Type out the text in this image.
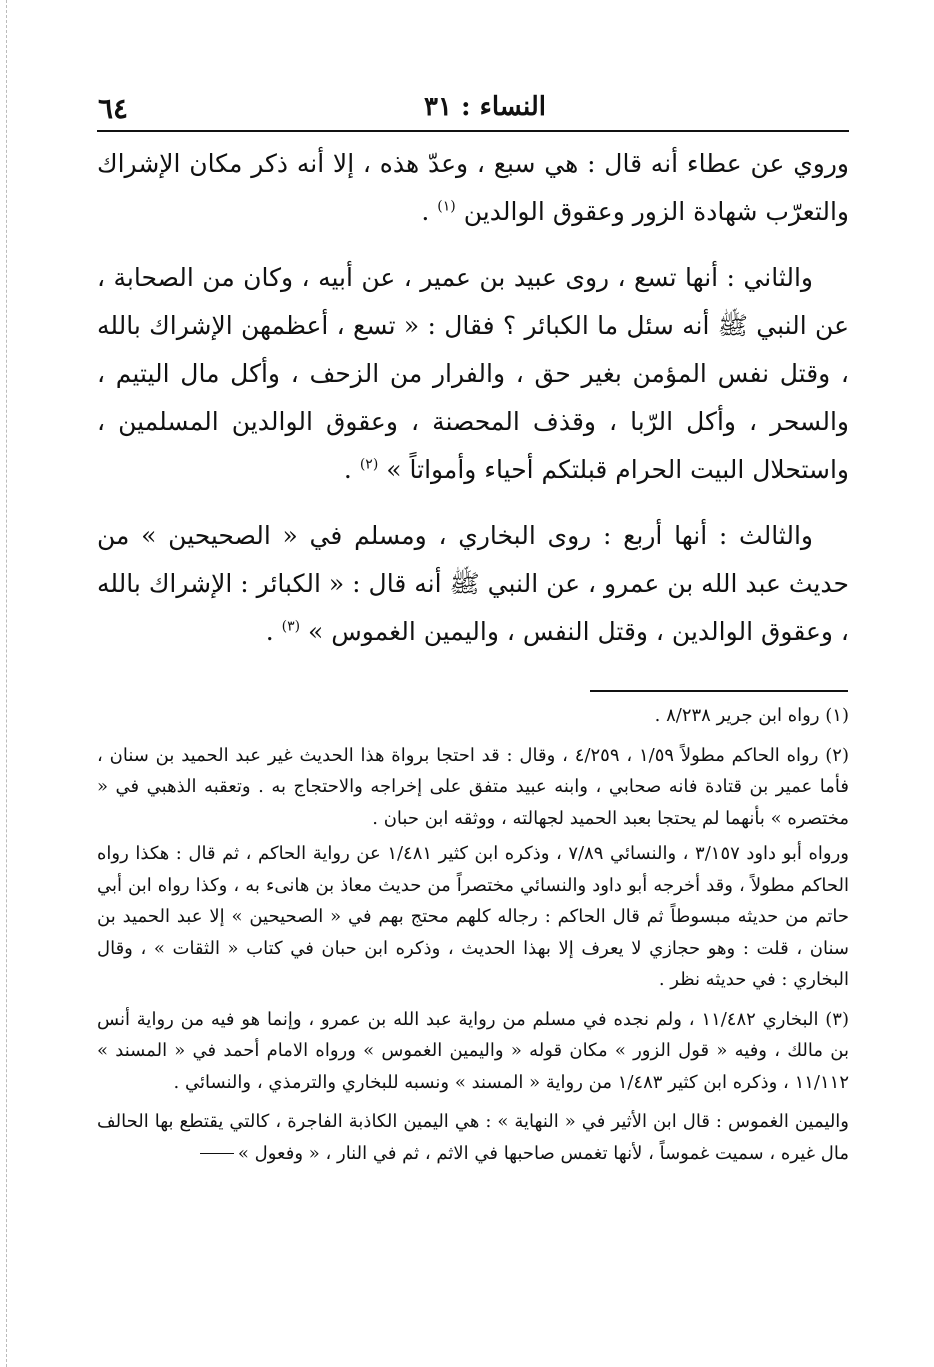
٦٤	النساء : ٣١

وروي عن عطاء أنه قال : هي سبع ، وعدّ هذه ، إلا أنه ذكر مكان الإشراك والتعرّب شهادة الزور وعقوق الوالدين $^{(١)}$ .

والثاني : أنها تسع ، روى عبيد بن عمير ، عن أبيه ، وكان من الصحابة ، عن النبي ﷺ أنه سئل ما الكبائر ؟ فقال : « تسع ، أعظمهن الإشراك بالله ، وقتل نفس المؤمن بغير حق ، والفرار من الزحف ، وأكل مال اليتيم ، والسحر ، وأكل الرّبا ، وقذف المحصنة ، وعقوق الوالدين المسلمين ، واستحلال البيت الحرام قبلتكم أحياء وأمواتاً » $^{(٢)}$ .

والثالث : أنها أربع : روى البخاري ، ومسلم في « الصحيحين » من حديث عبد الله بن عمرو ، عن النبي ﷺ أنه قال : « الكبائر : الإشراك بالله ، وعقوق الوالدين ، وقتل النفس ، واليمين الغموس » $^{(٣)}$ .

(١) رواه ابن جرير ٨/٢٣٨ .

(٢) رواه الحاكم مطولاً ١/٥٩ ، ٤/٢٥٩ ، وقال : قد احتجا برواة هذا الحديث غير عبد الحميد بن سنان ، فأما عمير بن قتادة فانه صحابي ، وابنه عبيد متفق على إخراجه والاحتجاج به . وتعقبه الذهبي في « مختصره » بأنهما لم يحتجا بعبد الحميد لجهالته ، ووثقه ابن حبان .

ورواه أبو داود ٣/١٥٧ ، والنسائي ٧/٨٩ ، وذكره ابن كثير ١/٤٨١ عن رواية الحاكم ، ثم قال : هكذا رواه الحاكم مطولاً ، وقد أخرجه أبو داود والنسائي مختصراً من حديث معاذ بن هانىء به ، وكذا رواه ابن أبي حاتم من حديثه مبسوطاً ثم قال الحاكم : رجاله كلهم محتج بهم في « الصحيحين » إلا عبد الحميد بن سنان ، قلت : وهو حجازي لا يعرف إلا بهذا الحديث ، وذكره ابن حبان في كتاب « الثقات » ، وقال البخاري : في حديثه نظر .

(٣) البخاري ١١/٤٨٢ ، ولم نجده في مسلم من رواية عبد الله بن عمرو ، وإنما هو فيه من رواية أنس بن مالك ، وفيه « قول الزور » مكان قوله « واليمين الغموس » ورواه الامام أحمد في « المسند » ١١/١١٢ ، وذكره ابن كثير ١/٤٨٣ من رواية « المسند » ونسبه للبخاري والترمذي ، والنسائي .

واليمين الغموس : قال ابن الأثير في « النهاية » : هي اليمين الكاذبة الفاجرة ، كالتي يقتطع بها الحالف مال غيره ، سميت غموساً ، لأنها تغمس صاحبها في الاثم ، ثم في النار ، « وفعول »
